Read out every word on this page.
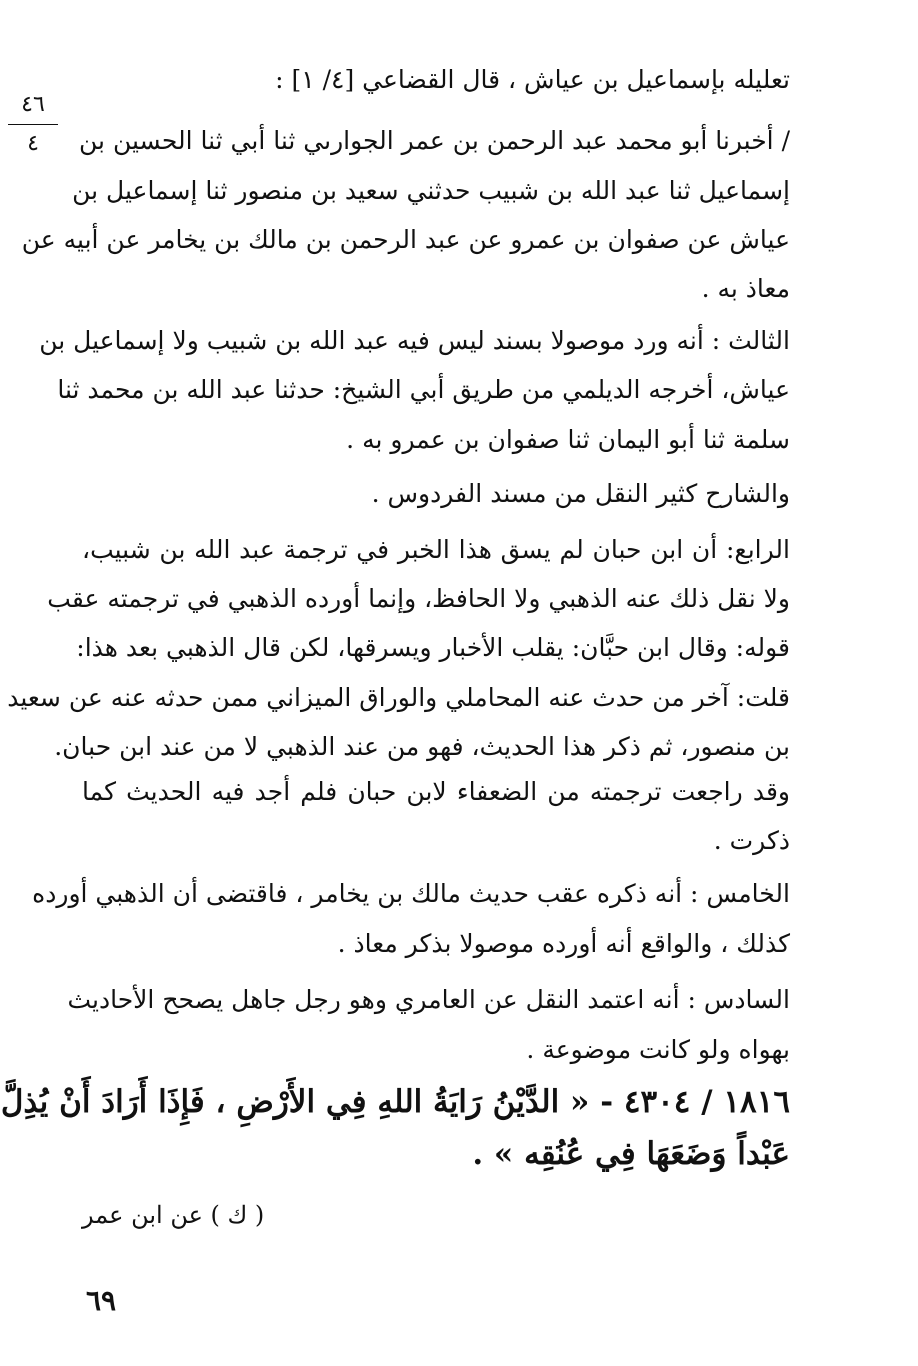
٤٦
٤
تعليله بإسماعيل بن عياش ، قال القضاعي [٤/ ١] :
/ أخبرنا أبو محمد عبد الرحمن بن عمر الجوارىي ثنا أبي ثنا الحسين بن
إسماعيل ثنا عبد الله بن شبيب حدثني سعيد بن منصور ثنا إسماعيل بن
عياش عن صفوان بن عمرو عن عبد الرحمن بن مالك بن يخامر عن أبيه عن
معاذ به .
الثالث : أنه ورد موصولا بسند ليس فيه عبد الله بن شبيب ولا إسماعيل بن
عياش، أخرجه الديلمي من طريق أبي الشيخ: حدثنا عبد الله بن محمد ثنا
سلمة ثنا أبو اليمان ثنا صفوان بن عمرو به .
والشارح كثير النقل من مسند الفردوس .
الرابع: أن ابن حبان لم يسق هذا الخبر في ترجمة عبد الله بن شبيب،
ولا نقل ذلك عنه الذهبي ولا الحافظ، وإنما أورده الذهبي في ترجمته عقب
قوله: وقال ابن حبَّان: يقلب الأخبار ويسرقها، لكن قال الذهبي بعد هذا:
قلت: آخر من حدث عنه المحاملي والوراق الميزاني ممن حدثه عنه عن سعيد
بن منصور، ثم ذكر هذا الحديث، فهو من عند الذهبي لا من عند ابن حبان.
وقد راجعت ترجمته من الضعفاء لابن حبان فلم أجد فيه الحديث كما
ذكرت .
الخامس : أنه ذكره عقب حديث مالك بن يخامر ، فاقتضى أن الذهبي أورده
كذلك ، والواقع أنه أورده موصولا بذكر معاذ .
السادس : أنه اعتمد النقل عن العامري وهو رجل جاهل يصحح الأحاديث
بهواه ولو كانت موضوعة .
١٨١٦ / ٤٣٠٤ - « الدَّيْنُ رَايَةُ اللهِ فِي الأَرْضِ ، فَإِذَا أَرَادَ أَنْ يُذِلَّ
عَبْداً وَضَعَهَا فِي عُنُقِه » .
( ك ) عن ابن عمر
٦٩
